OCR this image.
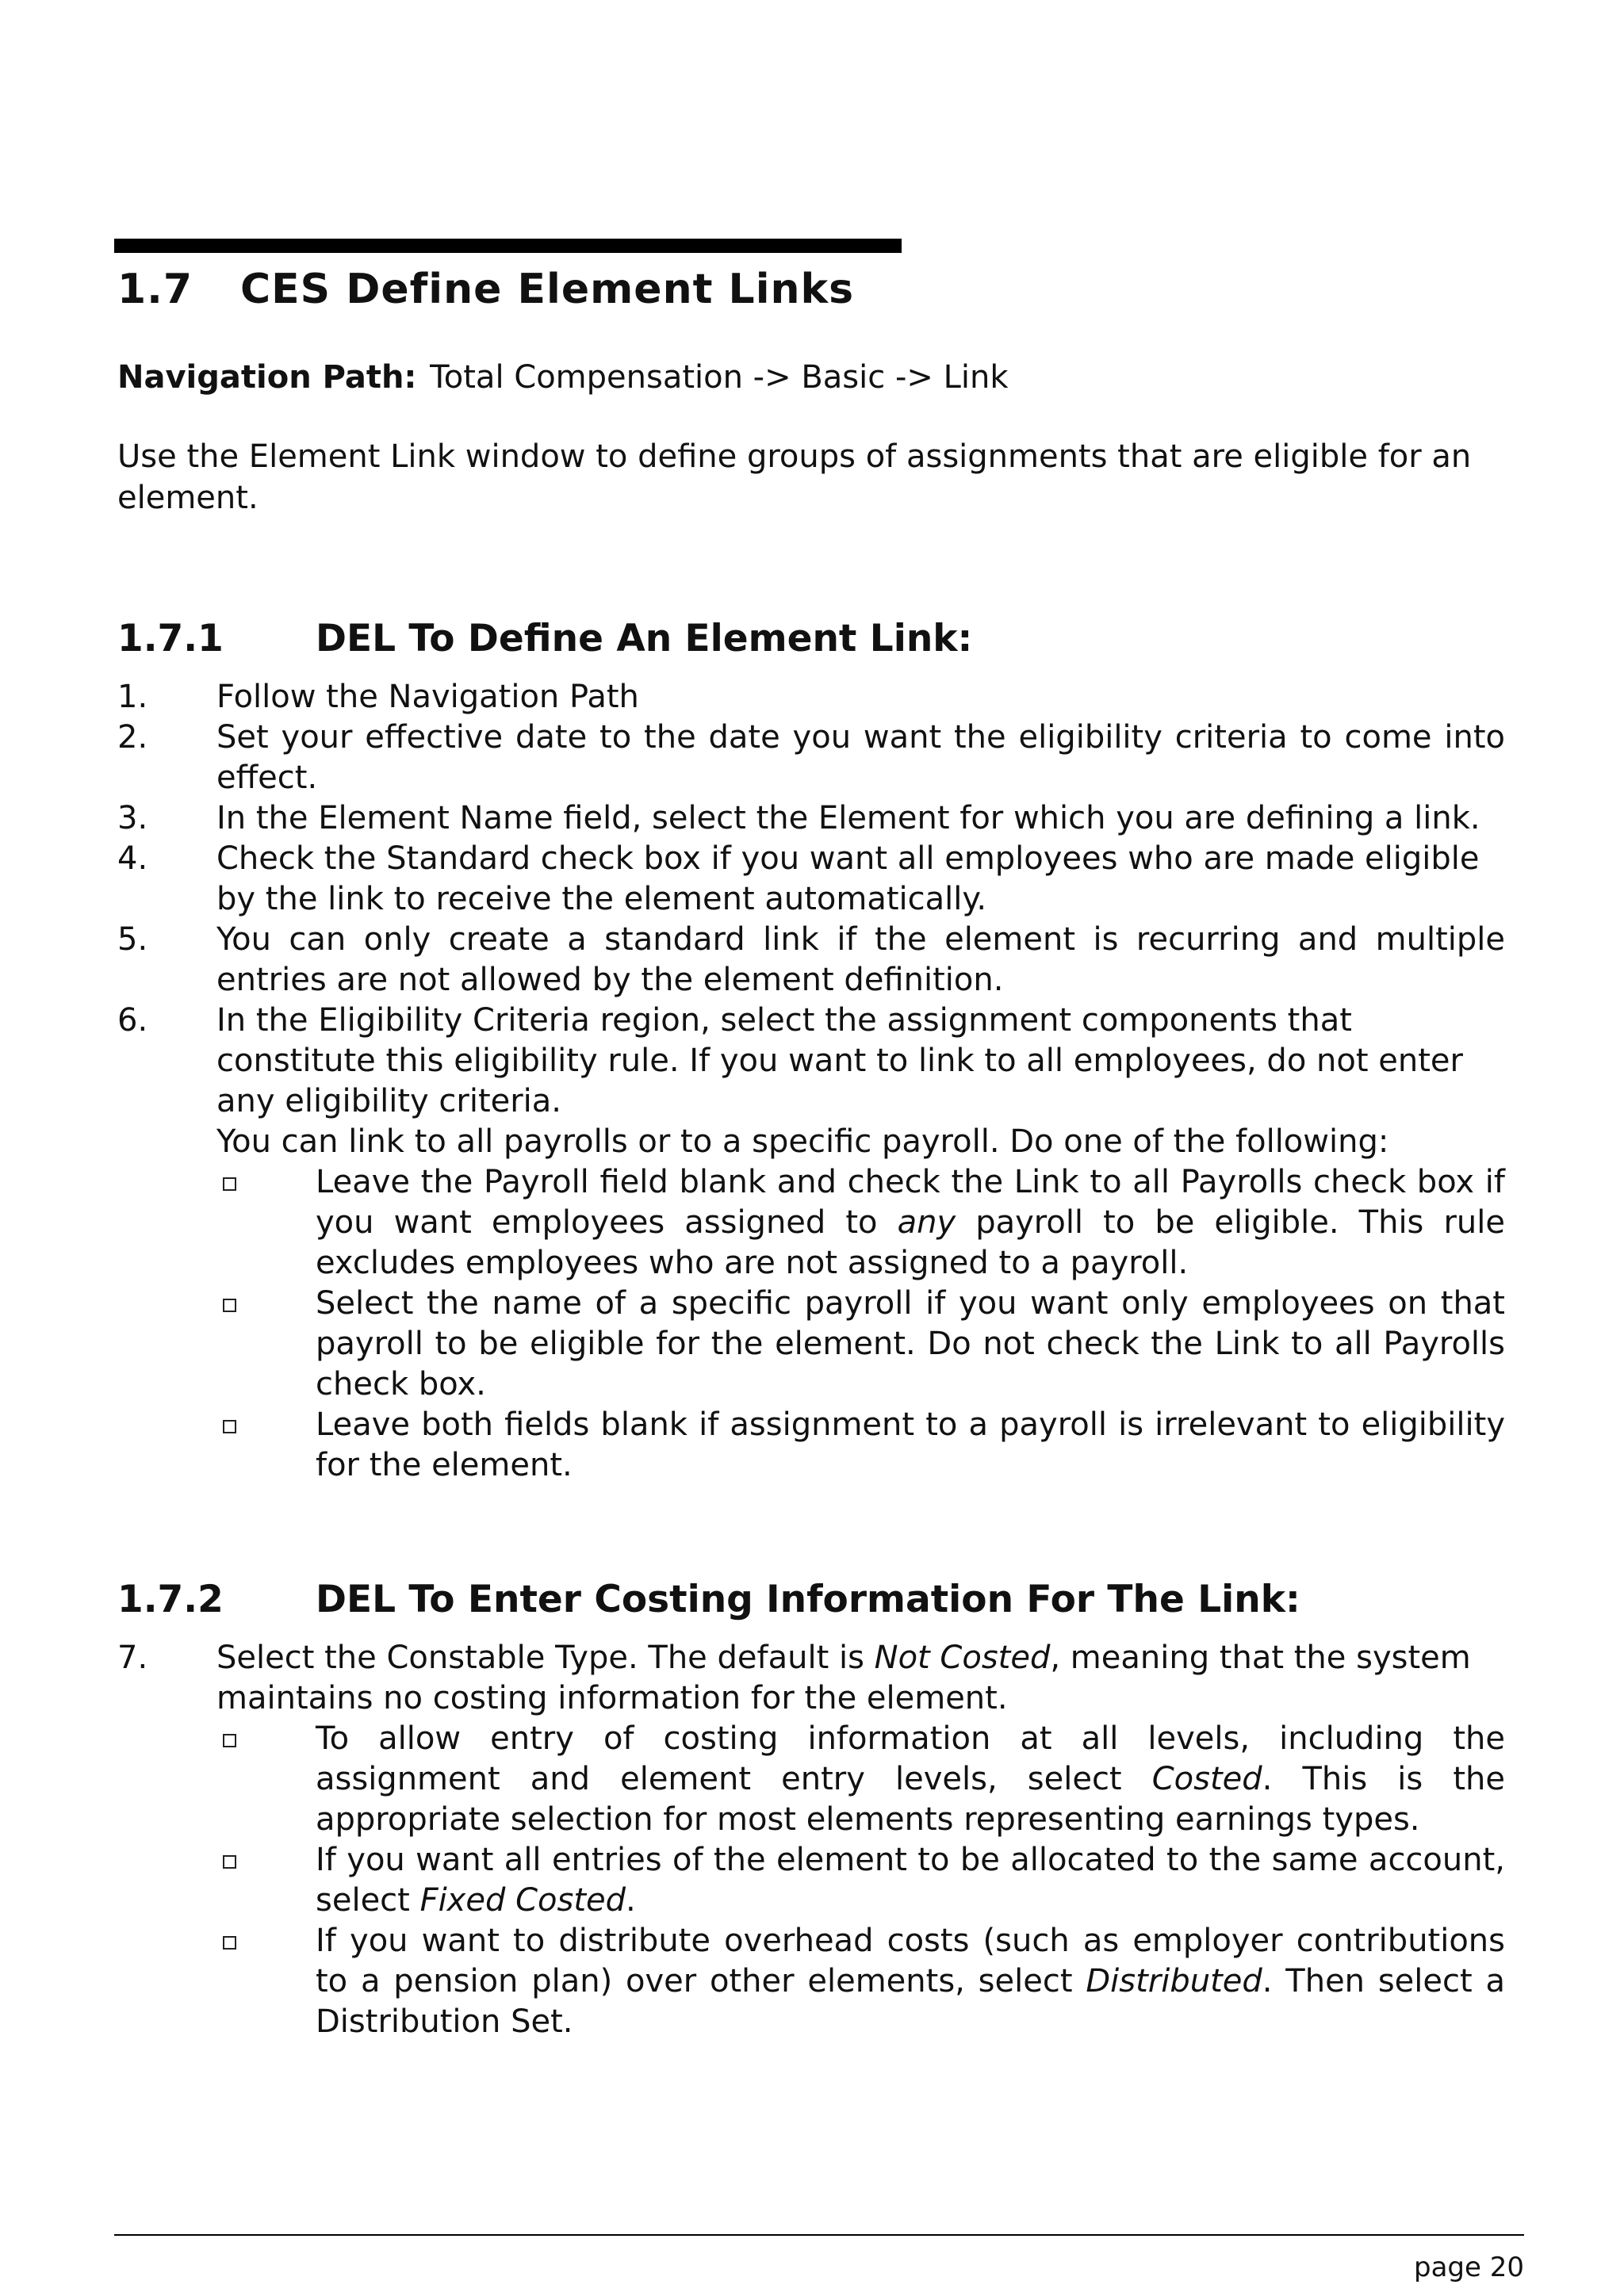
1.7 CES Define Element Links
Navigation Path: Total Compensation -> Basic -> Link
Use the Element Link window to define groups of assignments that are eligible for an element.
1.7.1 DEL To Define An Element Link:
1. Follow the Navigation Path
2. Set your effective date to the date you want the eligibility criteria to come into effect.
3. In the Element Name field, select the Element for which you are defining a link.
4. Check the Standard check box if you want all employees who are made eligible by the link to receive the element automatically.
5. You can only create a standard link if the element is recurring and multiple entries are not allowed by the element definition.
6. In the Eligibility Criteria region, select the assignment components that constitute this eligibility rule. If you want to link to all employees, do not enter any eligibility criteria.

You can link to all payrolls or to a specific payroll. Do one of the following:

Leave the Payroll field blank and check the Link to all Payrolls check box if you want employees assigned to any payroll to be eligible. This rule excludes employees who are not assigned to a payroll.
Select the name of a specific payroll if you want only employees on that payroll to be eligible for the element. Do not check the Link to all Payrolls check box.
Leave both fields blank if assignment to a payroll is irrelevant to eligibility for the element.
1.7.2 DEL To Enter Costing Information For The Link:
7. Select the Constable Type. The default is Not Costed, meaning that the system maintains no costing information for the element.
To allow entry of costing information at all levels, including the assignment and element entry levels, select Costed. This is the appropriate selection for most elements representing earnings types.
If you want all entries of the element to be allocated to the same account, select Fixed Costed.
If you want to distribute overhead costs (such as employer contributions to a pension plan) over other elements, select Distributed. Then select a Distribution Set.
page 20
